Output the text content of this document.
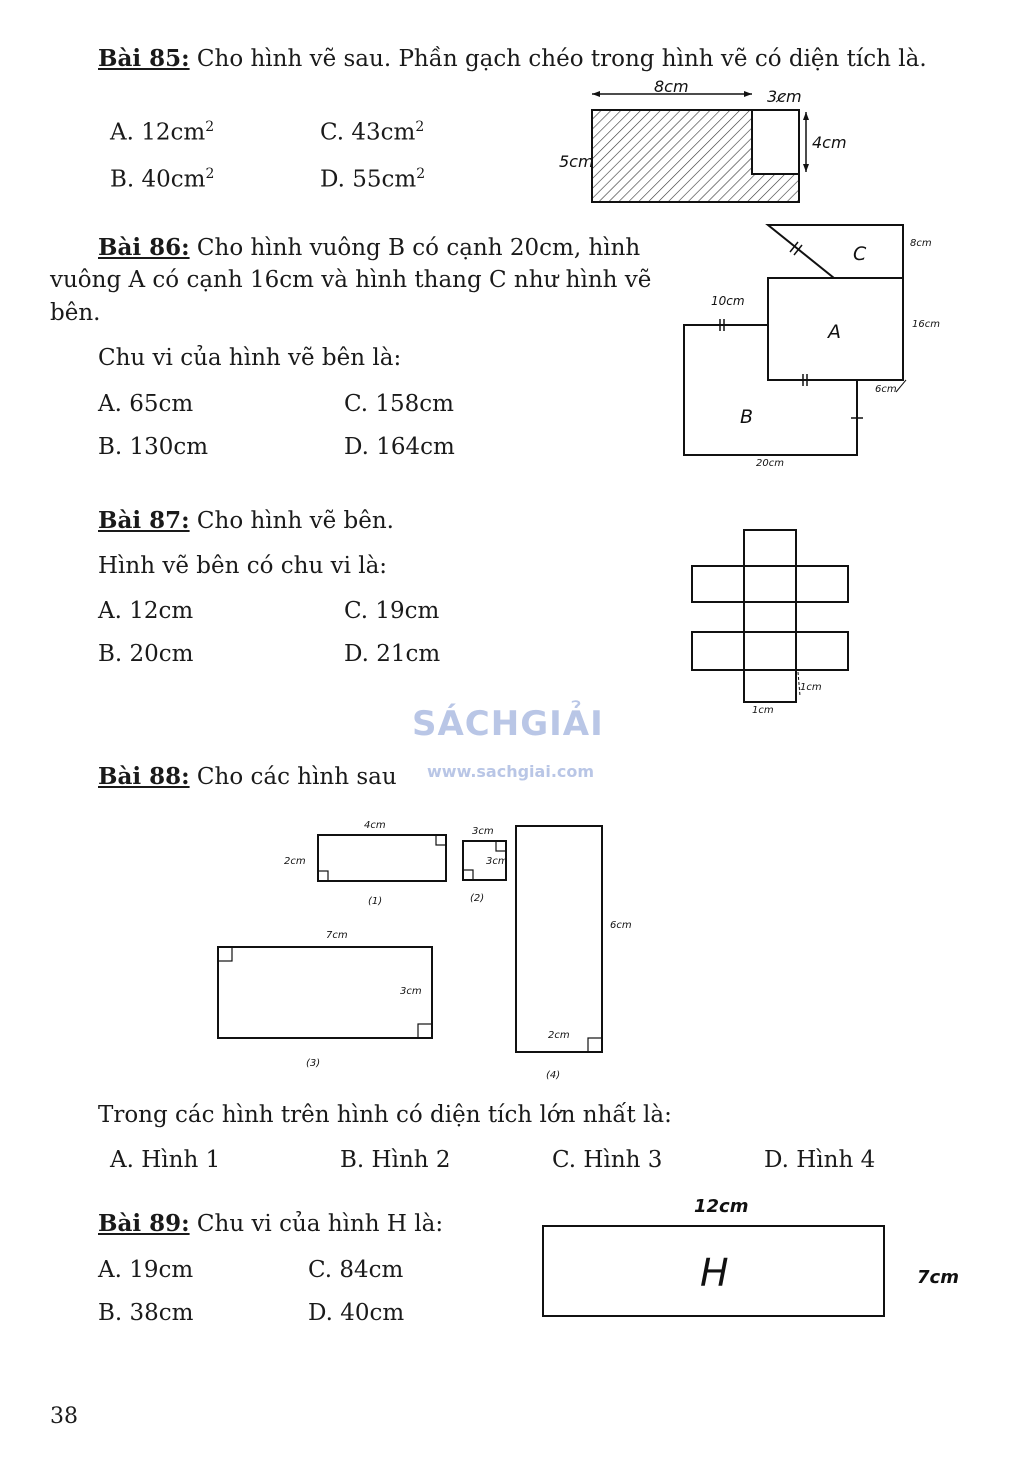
Bài 85: Cho hình vẽ sau. Phần gạch chéo trong hình vẽ có diện tích là.
A. $12cm^2$
B. $40cm^2$
C. $43cm^2$
D. $55cm^2$
8cm
3cm
4cm
5cm
Bài 86: Cho hình vuông B có cạnh 20cm, hình
vuông A có cạnh 16cm và hình thang C như hình vẽ
bên.
Chu vi của hình vẽ bên là:
A. 65cm
B. 130cm
C. 158cm
D. 164cm
C
A
B
8cm
10cm
16cm
6cm
20cm
Bài 87: Cho hình vẽ bên.
Hình vẽ bên có chu vi là:
A. 12cm
B. 20cm
C. 19cm
D. 21cm
1cm
1cm
SÁCHGIẢI
www.sachgiai.com
Bài 88: Cho các hình sau
4cm
2cm
(1)
3cm
3cm
(2)
7cm
3cm
(3)
6cm
2cm
(4)
Trong các hình trên hình có diện tích lớn nhất là:
A. Hình 1	B. Hình 2	C. Hình 3	D. Hình 4
Bài 89: Chu vi của hình H là:
A. 19cm
B. 38cm
C. 84cm
D. 40cm
12cm
7cm
H
38
